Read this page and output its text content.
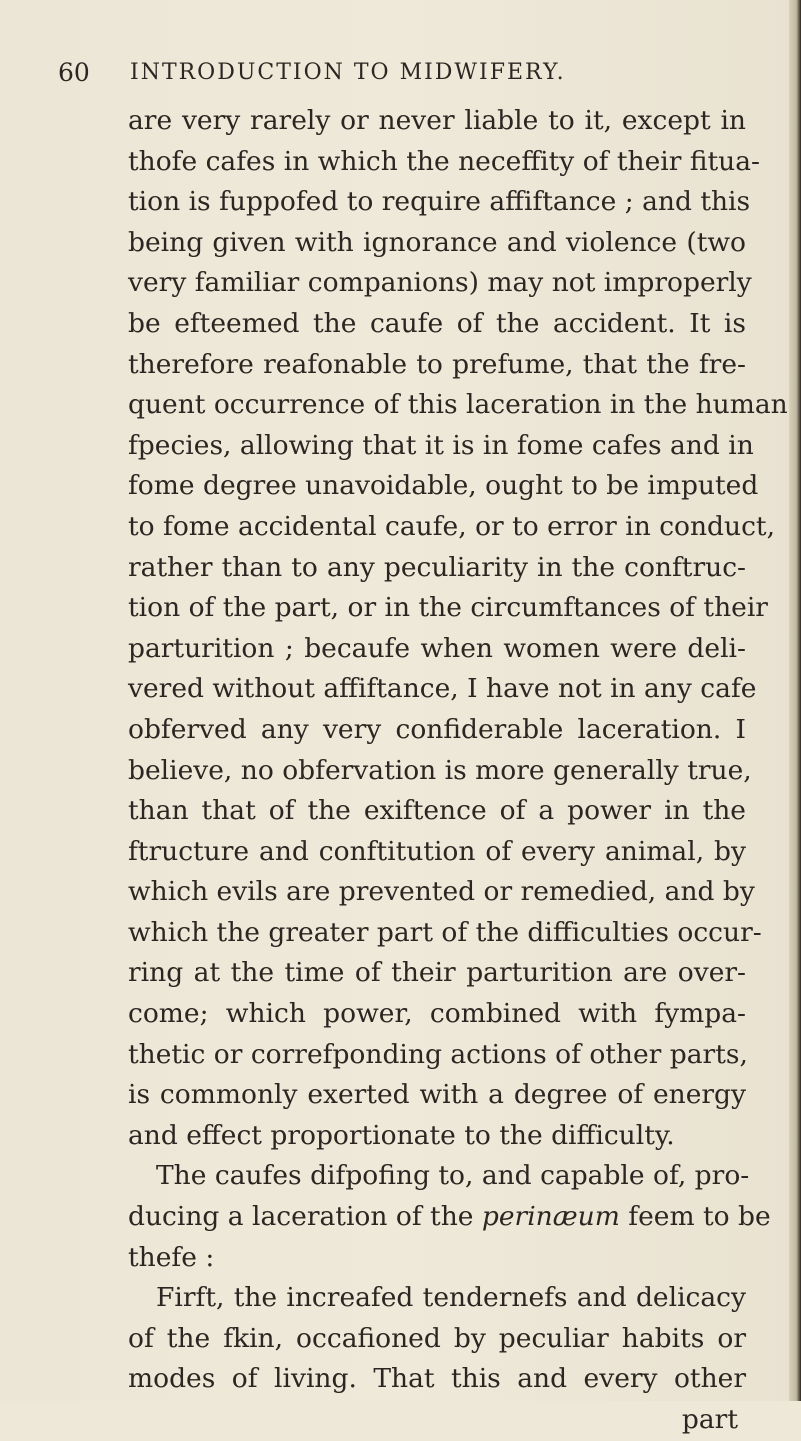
60 INTRODUCTION TO MIDWIFERY.
are very rarely or never liable to it, except in
thofe cafes in which the neceffity of their fitua-
tion is fuppofed to require affiftance ; and this
being given with ignorance and violence (two
very familiar companions) may not improperly
be efteemed the caufe of the accident. It is
therefore reafonable to prefume, that the fre-
quent occurrence of this laceration in the human
fpecies, allowing that it is in fome cafes and in
fome degree unavoidable, ought to be imputed
to fome accidental caufe, or to error in conduct,
rather than to any peculiarity in the conftruc-
tion of the part, or in the circumftances of their
parturition ; becaufe when women were deli-
vered without affiftance, I have not in any cafe
obferved any very confiderable laceration. I
believe, no obfervation is more generally true,
than that of the exiftence of a power in the
ftructure and conftitution of every animal, by
which evils are prevented or remedied, and by
which the greater part of the difficulties occur-
ring at the time of their parturition are over-
come; which power, combined with fympa-
thetic or correfponding actions of other parts,
is commonly exerted with a degree of energy
and effect proportionate to the difficulty.
The caufes difpofing to, and capable of, pro-
ducing a laceration of the perinæum feem to be
thefe :
Firft, the increafed tendernefs and delicacy
of the fkin, occafioned by peculiar habits or
modes of living. That this and every other
part
